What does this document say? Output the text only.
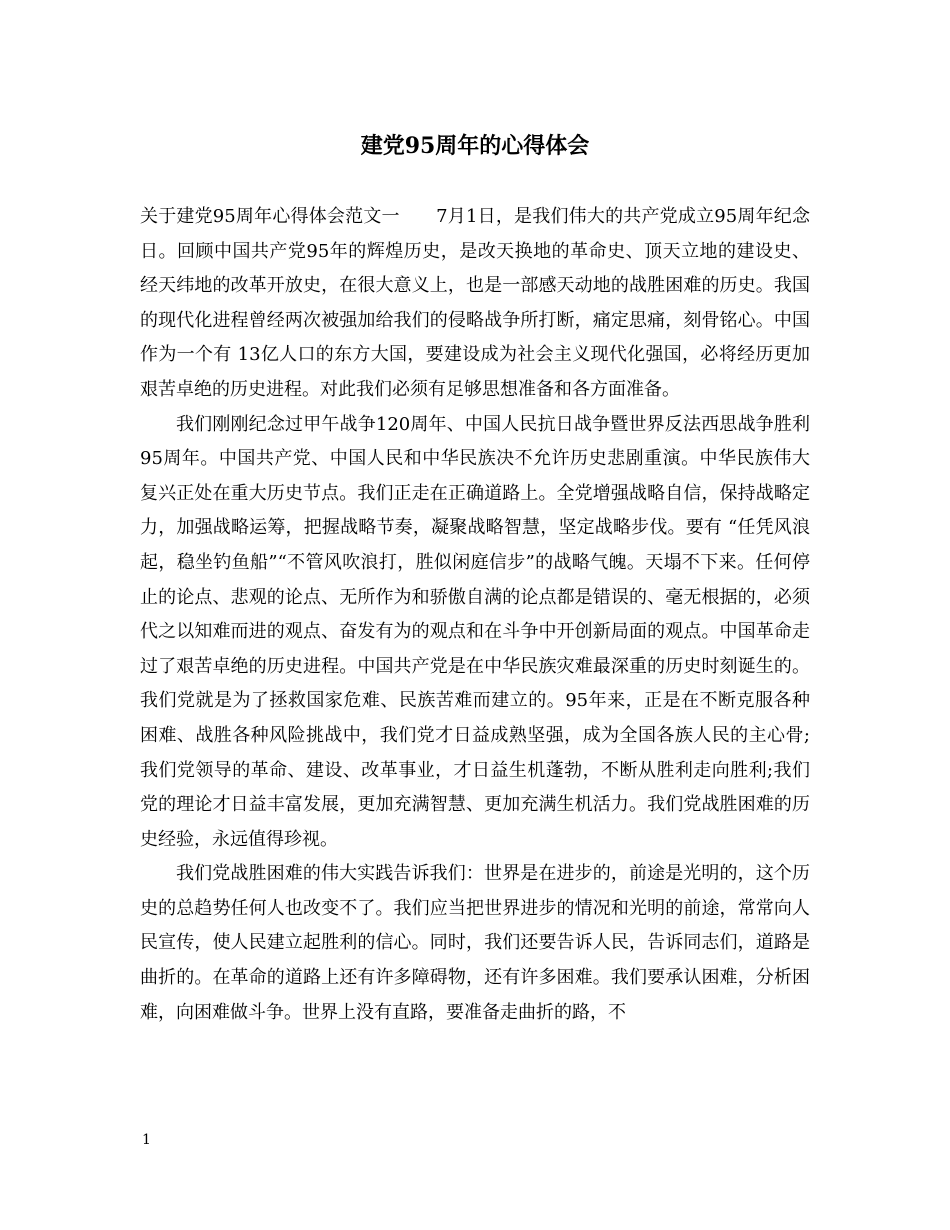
建党95周年的心得体会

关于建党95周年心得体会范文一　　7月1日，是我们伟大的共产党成立95周年纪念日。回顾中国共产党95年的辉煌历史，是改天换地的革命史、顶天立地的建设史、经天纬地的改革开放史，在很大意义上，也是一部感天动地的战胜困难的历史。我国的现代化进程曾经两次被强加给我们的侵略战争所打断，痛定思痛，刻骨铭心。中国作为一个有 13亿人口的东方大国，要建设成为社会主义现代化强国，必将经历更加艰苦卓绝的历史进程。对此我们必须有足够思想准备和各方面准备。

我们刚刚纪念过甲午战争120周年、中国人民抗日战争暨世界反法西思战争胜利95周年。中国共产党、中国人民和中华民族决不允许历史悲剧重演。中华民族伟大复兴正处在重大历史节点。我们正走在正确道路上。全党增强战略自信，保持战略定力，加强战略运筹，把握战略节奏，凝聚战略智慧，坚定战略步伐。要有 “任凭风浪起，稳坐钓鱼船”“不管风吹浪打，胜似闲庭信步”的战略气魄。天塌不下来。任何停止的论点、悲观的论点、无所作为和骄傲自满的论点都是错误的、毫无根据的，必须代之以知难而进的观点、奋发有为的观点和在斗争中开创新局面的观点。中国革命走过了艰苦卓绝的历史进程。中国共产党是在中华民族灾难最深重的历史时刻诞生的。我们党就是为了拯救国家危难、民族苦难而建立的。95年来，正是在不断克服各种困难、战胜各种风险挑战中，我们党才日益成熟坚强，成为全国各族人民的主心骨;我们党领导的革命、建设、改革事业，才日益生机蓬勃，不断从胜利走向胜利;我们党的理论才日益丰富发展，更加充满智慧、更加充满生机活力。我们党战胜困难的历史经验，永远值得珍视。

我们党战胜困难的伟大实践告诉我们：世界是在进步的，前途是光明的，这个历史的总趋势任何人也改变不了。我们应当把世界进步的情况和光明的前途，常常向人民宣传，使人民建立起胜利的信心。同时，我们还要告诉人民，告诉同志们，道路是曲折的。在革命的道路上还有许多障碍物，还有许多困难。我们要承认困难，分析困难，向困难做斗争。世界上没有直路，要准备走曲折的路，不

1
